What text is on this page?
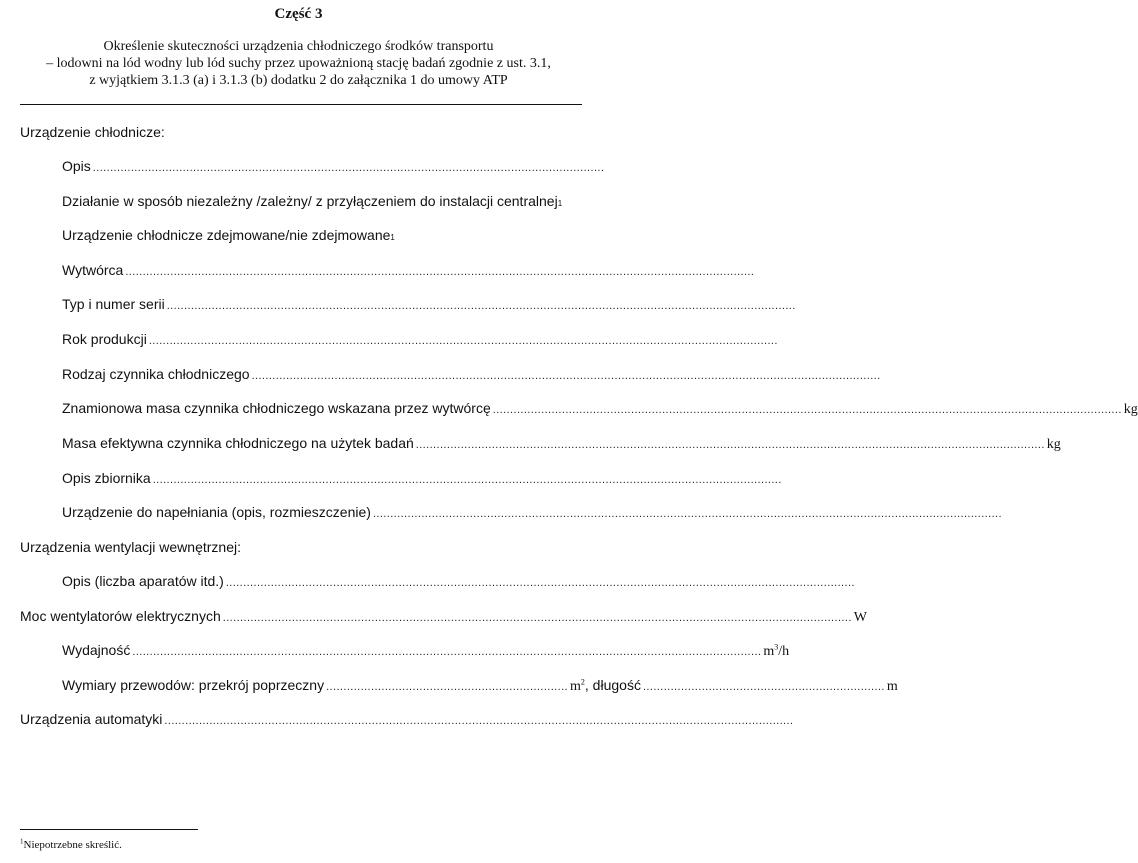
Część 3
Określenie skuteczności urządzenia chłodniczego środków transportu
– lodowni na lód wodny lub lód suchy przez upoważnioną stację badań zgodnie z ust. 3.1,
z wyjątkiem 3.1.3 (a) i 3.1.3 (b) dodatku 2 do załącznika 1 do umowy ATP
Urządzenie chłodnicze:
Opis ....................................................................................................................................................
Działanie w sposób niezależny /zależny/ z przyłączeniem do instalacji centralnej 1
Urządzenie chłodnicze zdejmowane/nie zdejmowane 1
Wytwórca ......................................................................................................................................................................................
Typ i numer serii ......................................................................................................................................................................................
Rok produkcji ......................................................................................................................................................................................
Rodzaj czynnika chłodniczego ......................................................................................................................................................................................
Znamionowa masa czynnika chłodniczego wskazana przez wytwórcę ...................................................................................................................................................................................... kg
Masa efektywna czynnika chłodniczego na użytek badań ...................................................................................................................................................................................... kg
Opis zbiornika ......................................................................................................................................................................................
Urządzenie do napełniania (opis, rozmieszczenie) ......................................................................................................................................................................................
Urządzenia wentylacji wewnętrznej:
Opis (liczba aparatów itd.) ......................................................................................................................................................................................
Moc wentylatorów elektrycznych ...................................................................................................................................................................................... W
Wydajność ...................................................................................................................................................................................... $m^3/h$
Wymiary przewodów: przekrój poprzeczny ...................................................................... $m^2$ , długość ...................................................................... m
Urządzenia automatyki ......................................................................................................................................................................................
$^1$Niepotrzebne skreślić.
